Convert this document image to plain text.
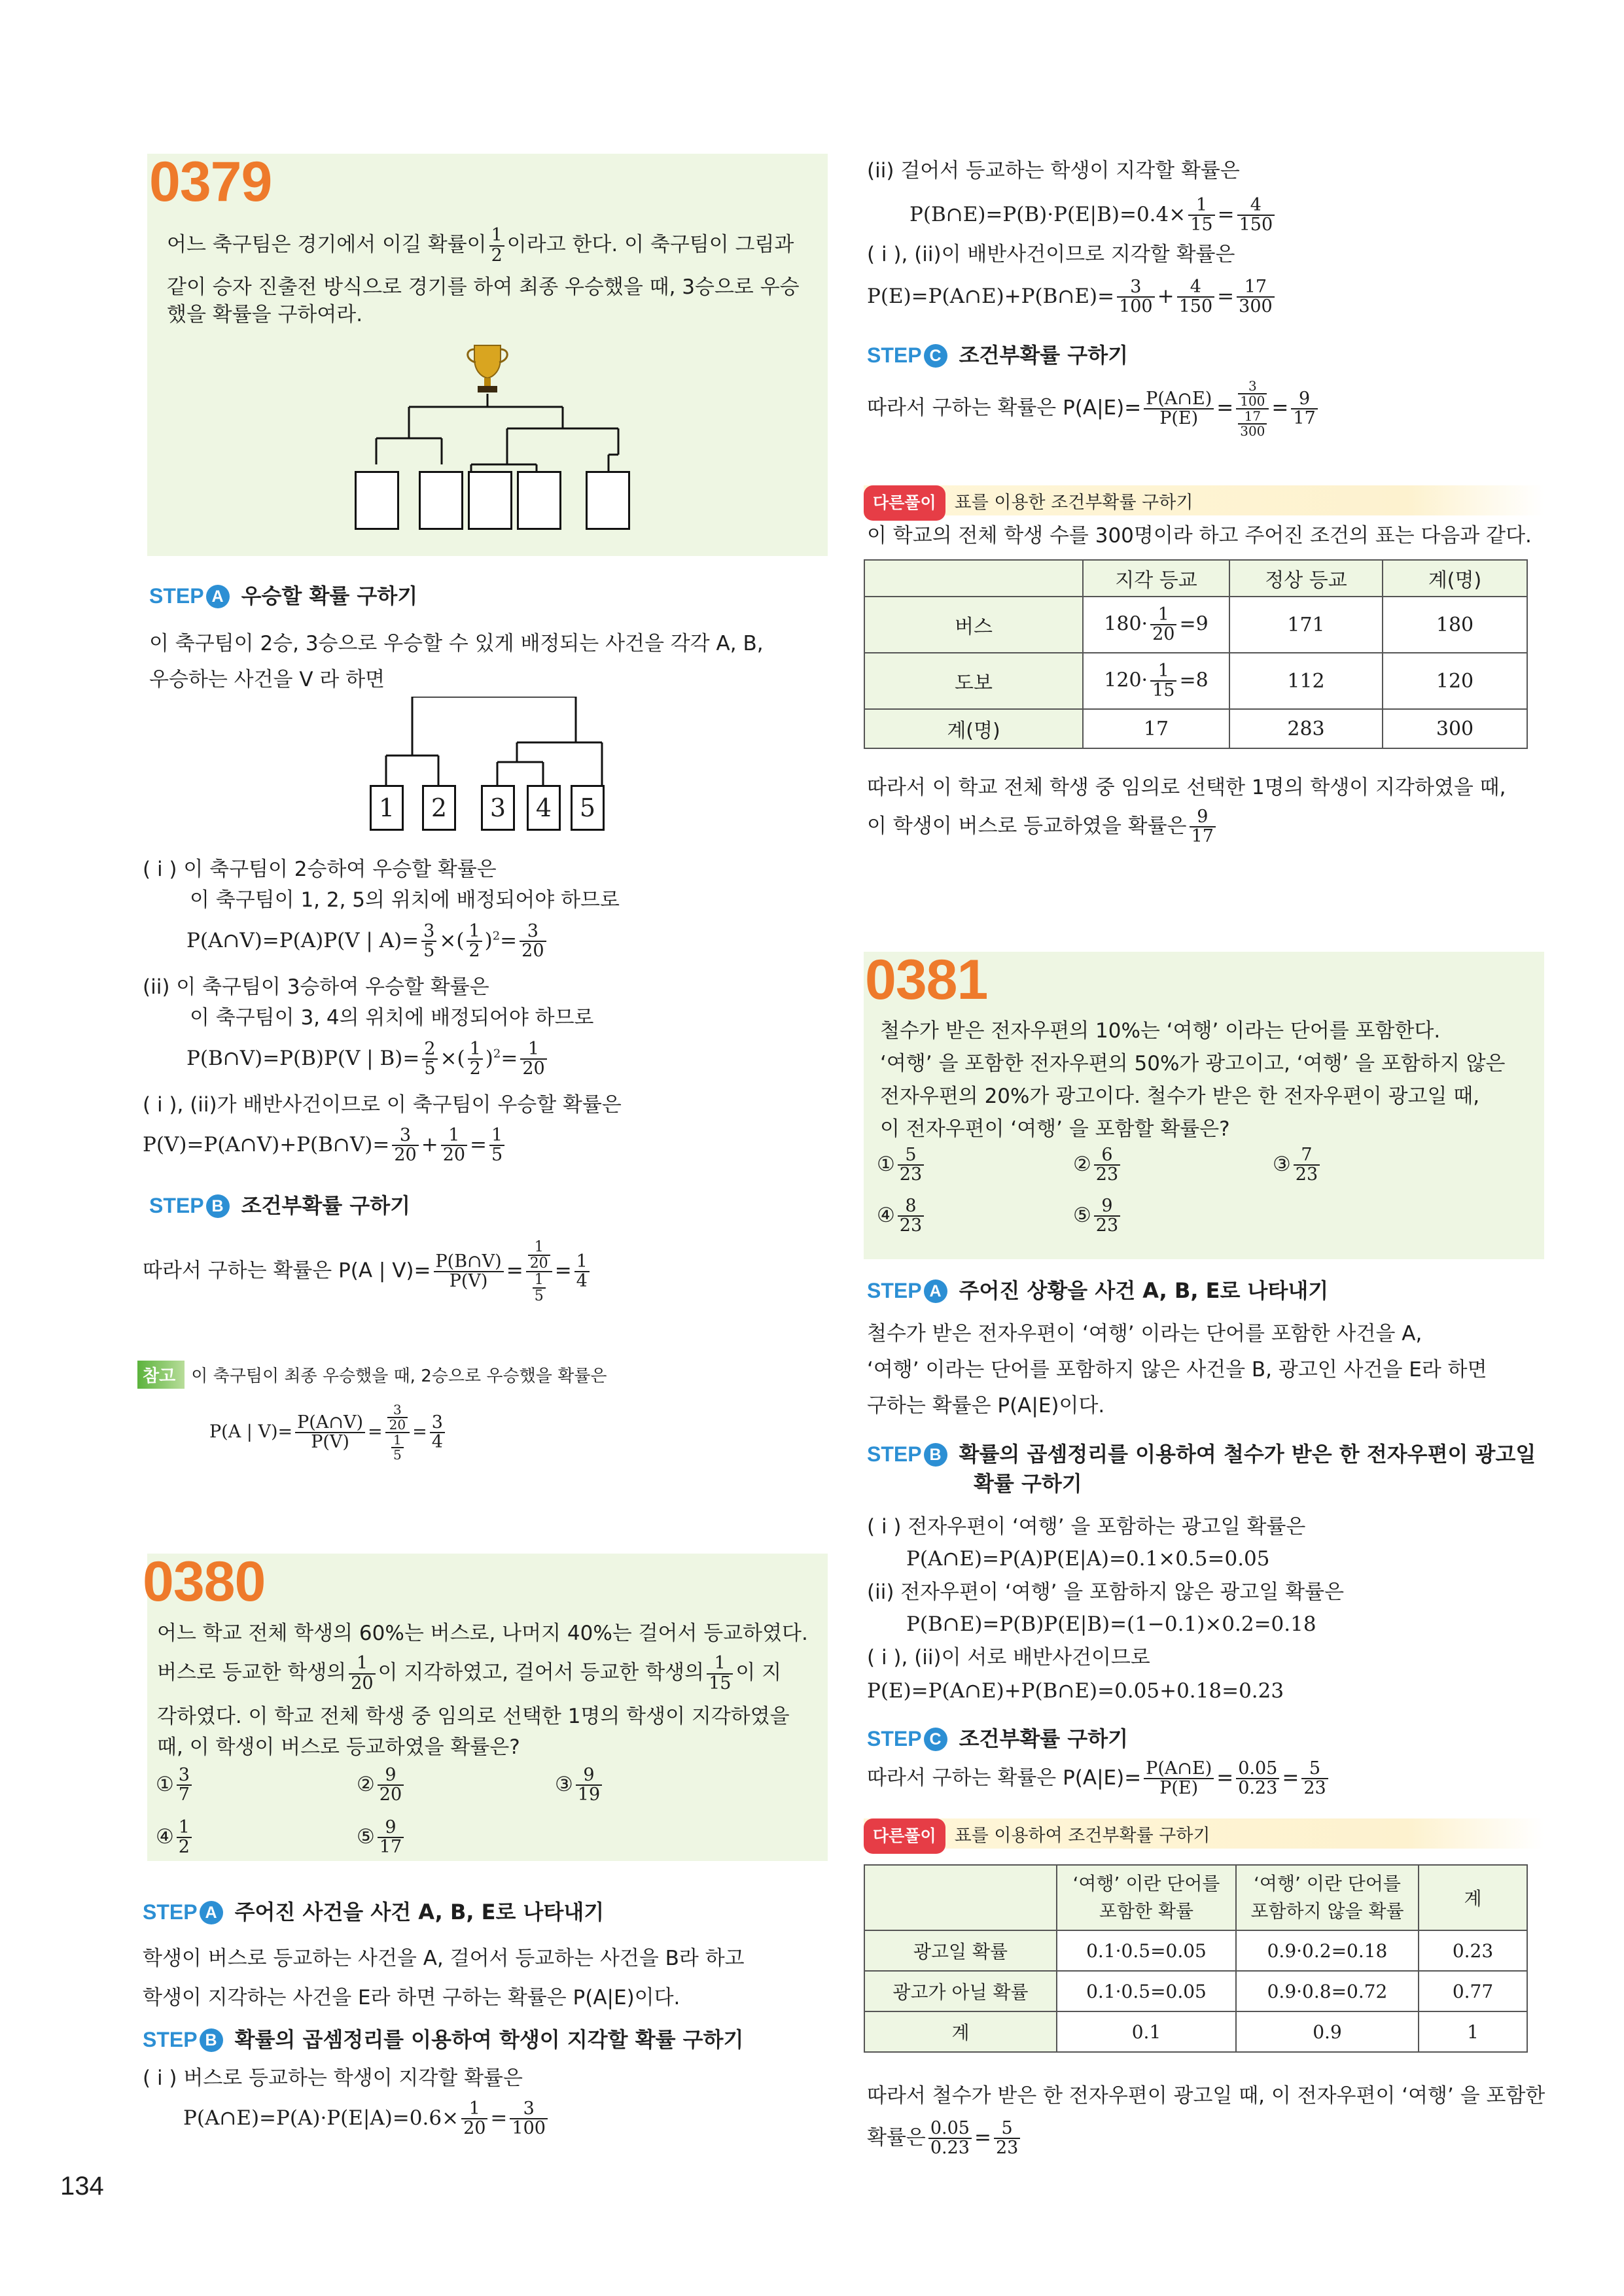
0379
어느 축구팀은 경기에서 이길 확률이 $\frac{1}{2}$ 이라고 한다. 이 축구팀이 그림과
같이 승자 진출전 방식으로 경기를 하여 최종 우승했을 때, 3승으로 우승
했을 확률을 구하여라.
STEP A 우승할 확률 구하기
이 축구팀이 2승, 3승으로 우승할 수 있게 배정되는 사건을 각각 A, B,
우승하는 사건을 V 라 하면
1	2	3	4	5
( i ) 이 축구팀이 2승하여 우승할 확률은
이 축구팀이 1, 2, 5의 위치에 배정되어야 하므로
P(A∩V)=P(A)P(V | $A)= \frac{3}{5}$ ×( $\frac{1}{2} )^2= \frac{3}{20}$
(ii) 이 축구팀이 3승하여 우승할 확률은
이 축구팀이 3, 4의 위치에 배정되어야 하므로
P(B∩V)=P(B)P(V | $B)= \frac{2}{5}$ ×( $\frac{1}{2} )^2= \frac{1}{20}$
( i ), (ii)가 배반사건이므로 이 축구팀이 우승할 확률은
P(V)=P(A∩V)+P(B∩V)= $\frac{3}{20} + \frac{1}{20} = \frac{1}{5}$
STEP B 조건부확률 구하기
따라서 구하는 확률은 P(A | $V)= \frac{P(B\cap V)}{P(V)} = \frac{\frac{1}{20}}{\frac{1}{5}} = \frac{1}{4}$
참고 이 축구팀이 최종 우승했을 때, 2승으로 우승했을 확률은
P(A | $V)= \frac{P(A\cap V)}{P(V)} = \frac{\frac{3}{20}}{\frac{1}{5}} = \frac{3}{4}$
0380
어느 학교 전체 학생의 60%는 버스로, 나머지 40%는 걸어서 등교하였다.
버스로 등교한 학생의 $\frac{1}{20}$ 이 지각하였고, 걸어서 등교한 학생의 $\frac{1}{15}$ 이 지
각하였다. 이 학교 전체 학생 중 임의로 선택한 1명의 학생이 지각하였을
때, 이 학생이 버스로 등교하였을 확률은?
① $\frac{3}{7}$	② $\frac{9}{20}$	③ $\frac{9}{19}$
④ $\frac{1}{2}$	⑤ $\frac{9}{17}$
STEP A 주어진 사건을 사건 A, B, E로 나타내기
학생이 버스로 등교하는 사건을 A, 걸어서 등교하는 사건을 B라 하고
학생이 지각하는 사건을 E라 하면 구하는 확률은 P(A|E)이다.
STEP B 확률의 곱셈정리를 이용하여 학생이 지각할 확률 구하기
( i ) 버스로 등교하는 학생이 지각할 확률은
P(A∩E)=P(A)·P(E|A)=0.6× $\frac{1}{20} = \frac{3}{100}$
134
(ii) 걸어서 등교하는 학생이 지각할 확률은
P(B∩E)=P(B)·P(E|B)=0.4× $\frac{1}{15} = \frac{4}{150}$
( i ), (ii)이 배반사건이므로 지각할 확률은
P(E)=P(A∩E)+P(B∩E)= $\frac{3}{100} + \frac{4}{150} = \frac{17}{300}$
STEP C 조건부확률 구하기
따라서 구하는 확률은 $P(A|E)= \frac{P(A\cap E)}{P(E)} = \frac{\frac{3}{100}}{\frac{17}{300}} = \frac{9}{17}$
다른풀이 표를 이용한 조건부확률 구하기
이 학교의 전체 학생 수를 300명이라 하고 주어진 조건의 표는 다음과 같다.
	지각 등교	정상 등교	계(명)
버스	$180\cdot \frac{1}{20} =9$	171	180
도보	$120\cdot \frac{1}{15} =8$	112	120
계(명)	17	283	300
따라서 이 학교 전체 학생 중 임의로 선택한 1명의 학생이 지각하였을 때,
이 학생이 버스로 등교하였을 확률은 $\frac{9}{17}$
0381
철수가 받은 전자우편의 10%는 ‘여행’ 이라는 단어를 포함한다.
‘여행’ 을 포함한 전자우편의 50%가 광고이고, ‘여행’ 을 포함하지 않은
전자우편의 20%가 광고이다. 철수가 받은 한 전자우편이 광고일 때,
이 전자우편이 ‘여행’ 을 포함할 확률은?
① $\frac{5}{23}$	② $\frac{6}{23}$	③ $\frac{7}{23}$
④ $\frac{8}{23}$	⑤ $\frac{9}{23}$
STEP A 주어진 상황을 사건 A, B, E로 나타내기
철수가 받은 전자우편이 ‘여행’ 이라는 단어를 포함한 사건을 A,
‘여행’ 이라는 단어를 포함하지 않은 사건을 B, 광고인 사건을 E라 하면
구하는 확률은 P(A|E)이다.
STEP B 확률의 곱셈정리를 이용하여 철수가 받은 한 전자우편이 광고일
확률 구하기
( i ) 전자우편이 ‘여행’ 을 포함하는 광고일 확률은
P(A∩E)=P(A)P(E|A)=0.1×0.5=0.05
(ii) 전자우편이 ‘여행’ 을 포함하지 않은 광고일 확률은
P(B∩E)=P(B)P(E|B)=(1−0.1)×0.2=0.18
( i ), (ii)이 서로 배반사건이므로
P(E)=P(A∩E)+P(B∩E)=0.05+0.18=0.23
STEP C 조건부확률 구하기
따라서 구하는 확률은 $P(A|E)= \frac{P(A\cap E)}{P(E)} = \frac{0.05}{0.23} = \frac{5}{23}$
다른풀이 표를 이용하여 조건부확률 구하기

	‘여행’ 이란 단어를
포함한 확률	‘여행’ 이란 단어를
포함하지 않을 확률	계
광고일 확률	0.1·0.5=0.05	0.9·0.2=0.18	0.23
광고가 아닐 확률	0.1·0.5=0.05	0.9·0.8=0.72	0.77
계	0.1	0.9	1
따라서 철수가 받은 한 전자우편이 광고일 때, 이 전자우편이 ‘여행’ 을 포함한
확률은 $\frac{0.05}{0.23} = \frac{5}{23}$
